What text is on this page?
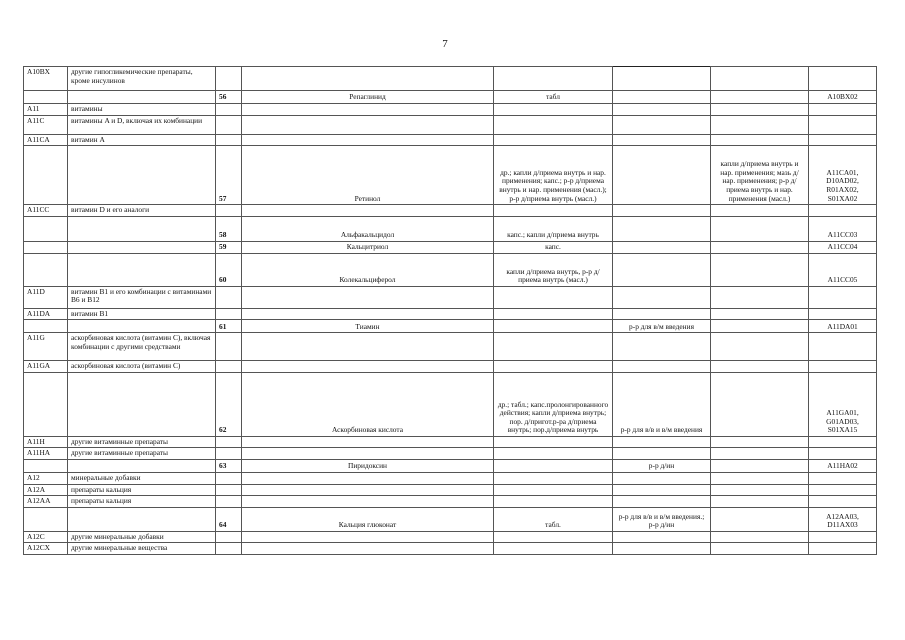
7
A10BX	другие гипогликемические препараты, кроме инсулинов						
		56	Репаглинид	табл			A10BX02
A11	витамины						
A11C	витамины A и D, включая их комбинации						
A11CA	витамин A						
		57	Ретинол	др.; капли д/приема внутрь и нар. применения; капс.; р-р д/приема внутрь и нар. применения (масл.); р-р д/приема внутрь (масл.)		капли д/приема внутрь и нар. применения; мазь д/нар. применения; р-р д/приема внутрь и нар. применения (масл.)	A11CA01, D10AD02, R01AX02, S01XA02
A11CC	витамин D и его аналоги						
		58	Альфакальцидол	капс.; капли д/приема внутрь			A11CC03
		59	Кальцитриол	капс.			A11CC04
		60	Колекальциферол	капли д/приема внутрь, р-р д/приема внутрь (масл.)			A11CC05
A11D	витамин B1 и его комбинации с витаминами B6 и B12						
A11DA	витамин B1						
		61	Тиамин		р-р для в/м введения		A11DA01
A11G	аскорбиновая кислота (витамин C), включая комбинации с другими средствами						
A11GA	аскорбиновая кислота (витамин C)						
		62	Аскорбиновая кислота	др.; табл.; капс.пролонгированного действия; капли д/приема внутрь; пор. д/пригот.р-ра д/приема внутрь; пор.д/приема внутрь	р-р для в/в и в/м введения		A11GA01, G01AD03, S01XA15
A11H	другие витаминные препараты						
A11HA	другие витаминные препараты						
		63	Пиридоксин		р-р д/ин		A11HA02
A12	минеральные добавки						
A12A	препараты кальция						
A12AA	препараты кальция						
		64	Кальция глюконат	табл.	р-р для в/в и в/м введения.; р-р д/ин		A12AA03, D11AX03
A12C	другие минеральные добавки						
A12CX	другие минеральные вещества						
